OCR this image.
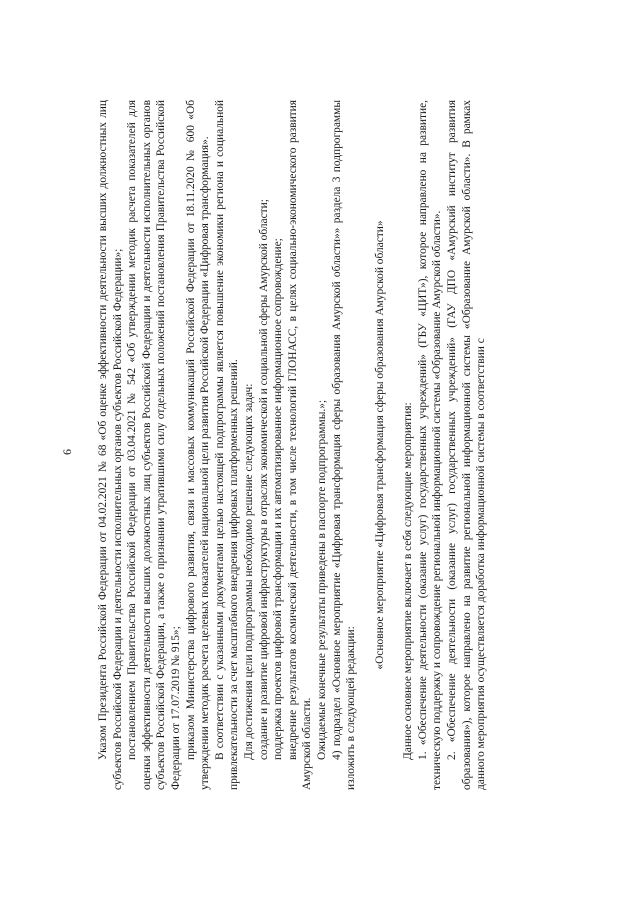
6 Указом Президента Российской Федерации от 04.02.2021 № 68 «Об оценке эффективности деятельности высших должностных лиц субъектов Российской Федерации и деятельности исполнительных органов субъектов Российской Федерации»; постановлением Правительства Российской Федерации от 03.04.2021 № 542 «Об утверждении методик расчета показателей для оценки эффективности деятельности высших должностных лиц субъектов Российской Федерации и деятельности исполнительных органов субъектов Российской Федерации, а также о признании утратившими силу отдельных положений постановления Правительства Российской Федерации от 17.07.2019 № 915»; приказом Министерства цифрового развития, связи и массовых коммуникаций Российской Федерации от 18.11.2020 № 600 «Об утверждении методик расчета целевых показателей национальной цели развития Российской Федерации «Цифровая трансформация». В соответствии с указанными документами целью настоящей подпрограммы является повышение экономики региона и социальной привлекательности за счет масштабного внедрения цифровых платформенных решений. Для достижения цели подпрограммы необходимо решение следующих задач: создание и развитие цифровой инфраструктуры в отраслях экономической и социальной сферы Амурской области; поддержка проектов цифровой трансформации и их автоматизированное информационное сопровождение; внедрение результатов космической деятельности, в том числе технологий ГЛОНАСС, в целях социально-экономического развития Амурской области. Ожидаемые конечные результаты приведены в паспорте подпрограммы.»; 4) подраздел «Основное мероприятие «Цифровая трансформация сферы образования Амурской области»» раздела 3 подпрограммы изложить в следующей редакции:

«Основное мероприятие «Цифровая трансформация сферы образования Амурской области» Данное основное мероприятие включает в себя следующие мероприятия: 1. «Обеспечение деятельности (оказание услуг) государственных учреждений» (ГБУ «ЦИТ»), которое направлено на развитие, техническую поддержку и сопровождение региональной информационной системы «Образование Амурской области». 2. «Обеспечение деятельности (оказание услуг) государственных учреждений» (ГАУ ДПО «Амурский институт развития образования»), которое направлено на развитие региональной информационной системы «Образование Амурской области». В рамках данного мероприятия осуществляется доработка информационной системы в соответствии с
